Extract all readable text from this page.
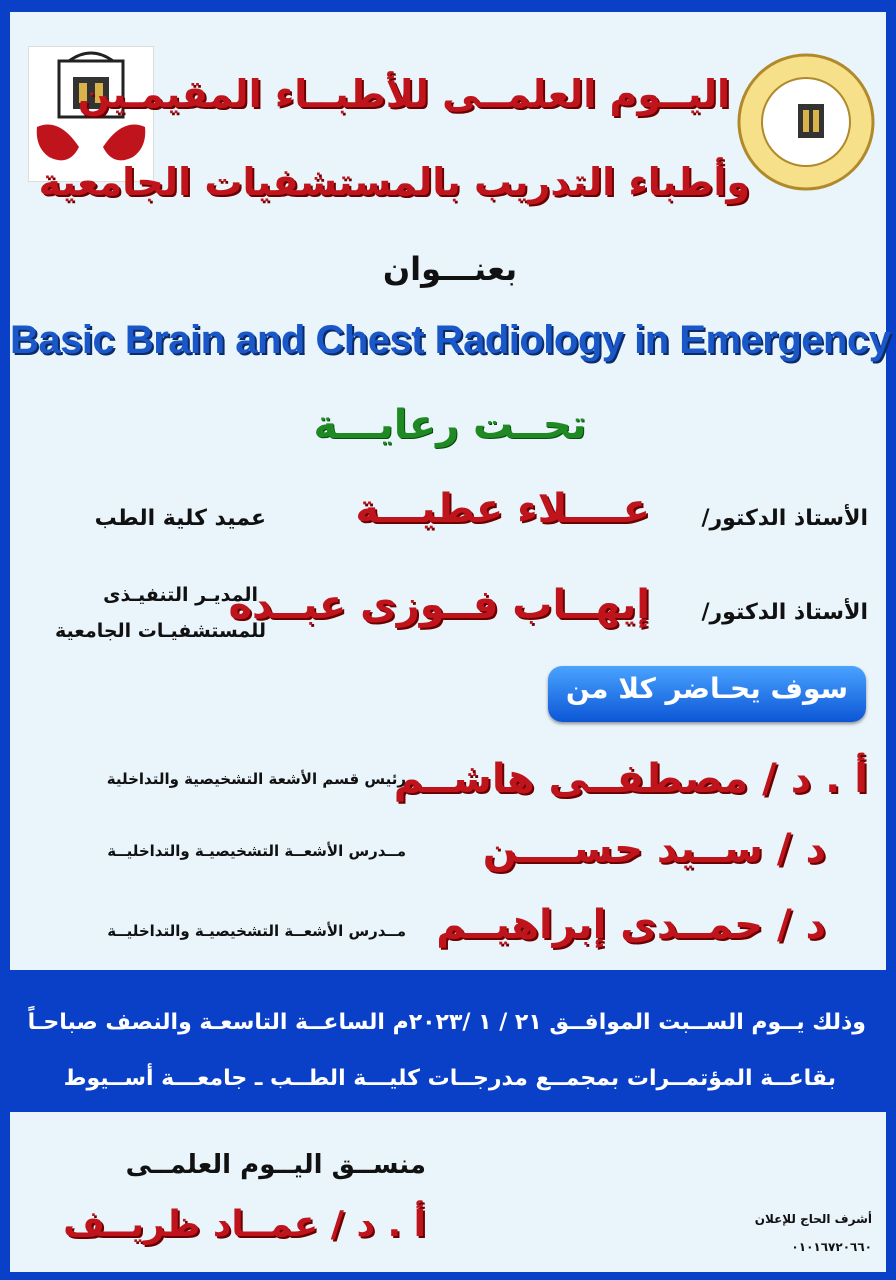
اليــوم العلمــى للأطبــاء المقيمـين
وأطباء التدريب بالمستشفيات الجامعية
بعنـــوان
Basic Brain and Chest Radiology in Emergency
تحــت رعايـــة
الأستاذ الدكتور/
عــــلاء عطيـــة
عميد كلية الطب
الأستاذ الدكتور/
إيهــاب فــوزى عبــده
المديـر التنفيـذى
للمستشفيـات الجامعية
سوف يحـاضر كلا من
أ . د / مصطفــى هاشــم
رئيس قسم الأشعة التشخيصية والتداخلية
د / ســيد حســــن
مــدرس الأشعــة التشخيصيـة والتداخليــة
د / حمــدى إبراهيــم
مــدرس الأشعــة التشخيصيـة والتداخليــة
وذلك يــوم الســبت الموافــق ٢١ / ١ /٢٠٢٣م الساعــة التاسعـة والنصف صباحـاً
بقاعــة المؤتمــرات بمجمــع مدرجــات كليـــة الطــب ـ جامعـــة أســيوط
منســق اليــوم العلمــى
أ . د / عمــاد ظريــف	أشرف الحاج للإعلان
٠١٠١٦٧٢٠٦٦٠
